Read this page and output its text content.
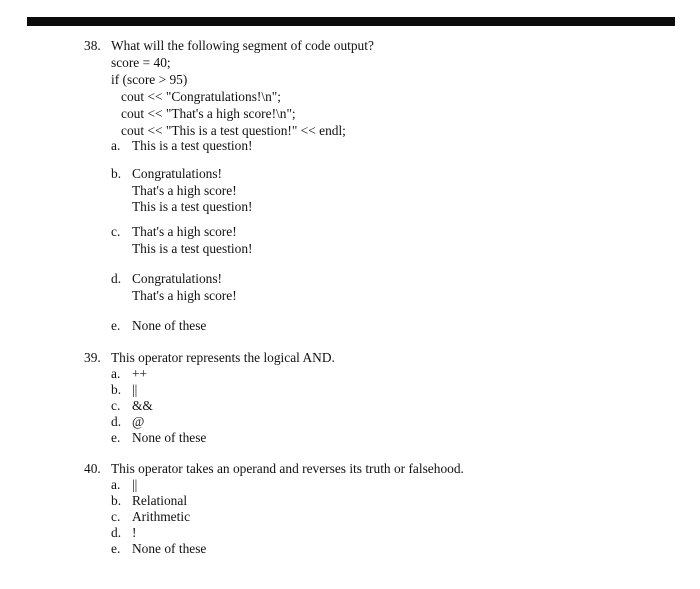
38. What will the following segment of code output?
score = 40;
if (score > 95)
cout << "Congratulations!\n";
cout << "That's a high score!\n";
cout << "This is a test question!" << endl;
a. This is a test question!
b. Congratulations!
That's a high score!
This is a test question!
c. That's a high score!
This is a test question!
d. Congratulations!
That's a high score!
e. None of these
39. This operator represents the logical AND.
a. ++
b. ||
c. &&
d. @
e. None of these
40. This operator takes an operand and reverses its truth or falsehood.
a. ||
b. Relational
c. Arithmetic
d. !
e. None of these
